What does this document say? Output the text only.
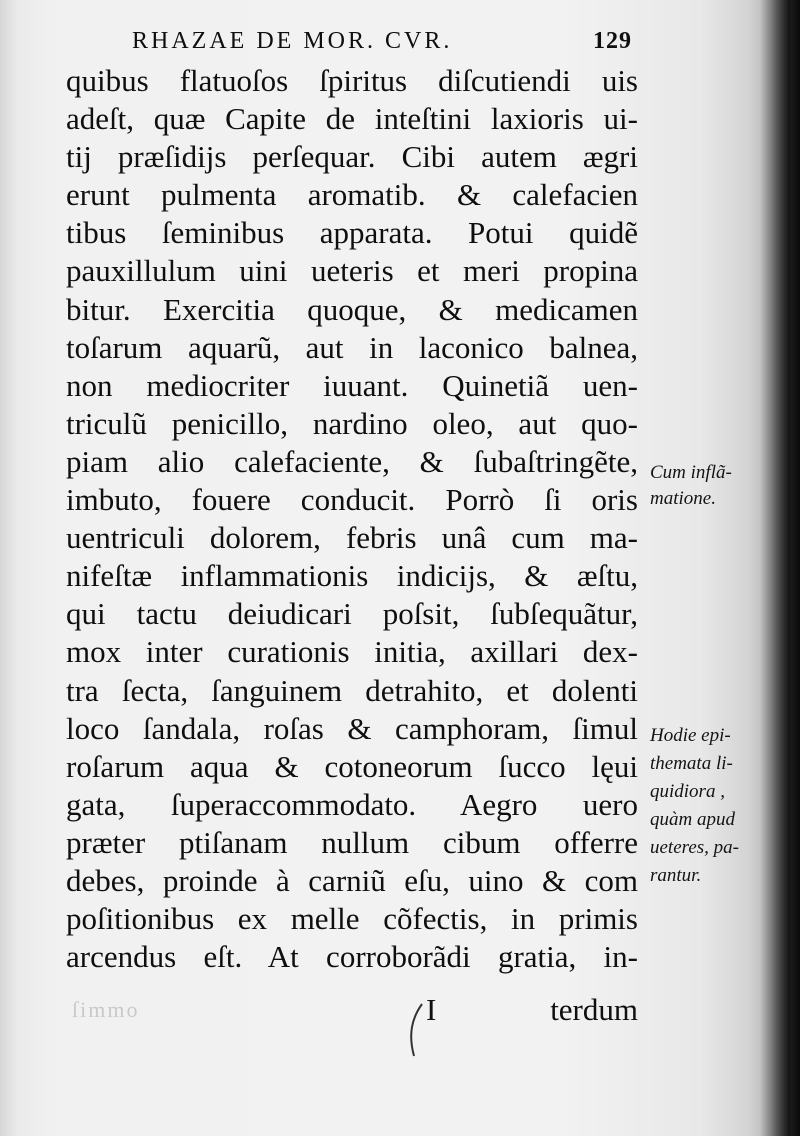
RHAZAE DE MOR. CVR.	129
quibus flatuoſos ſpiritus diſcutiendi uis
adeſt, quæ Capite de inteſtini laxioris ui-
tij præſidijs perſequar. Cibi autem ægri
erunt pulmenta aromatib. & calefacien
tibus ſeminibus apparata. Potui quidẽ
pauxillulum uini ueteris et meri propina
bitur. Exercitia quoque, & medicamen
toſarum aquarũ, aut in laconico balnea,
non mediocriter iuuant. Quinetiã uen-
triculũ penicillo, nardino oleo, aut quo-
piam alio calefaciente, & ſubaſtringẽte,
imbuto, fouere conducit. Porrò ſi oris
uentriculi dolorem, febris unâ cum ma-
nifeſtæ inflammationis indicijs, & æſtu,
qui tactu deiudicari poſsit, ſubſequãtur,
mox inter curationis initia, axillari dex-
tra ſecta, ſanguinem detrahito, et dolenti
loco ſandala, roſas & camphoram, ſimul
roſarum aqua & cotoneorum ſucco lęui
gata, ſuperaccommodato. Aegro uero
præter ptiſanam nullum cibum offerre
debes, proinde à carniũ eſu, uino & com
poſitionibus ex melle cõfectis, in primis
arcendus eſt. At corroborãdi gratia, in-
ſimmo	I	terdum
Cum inflã-
matione.
Hodie epi-
themata li-
quidiora ,
quàm apud
ueteres, pa-
rantur.
